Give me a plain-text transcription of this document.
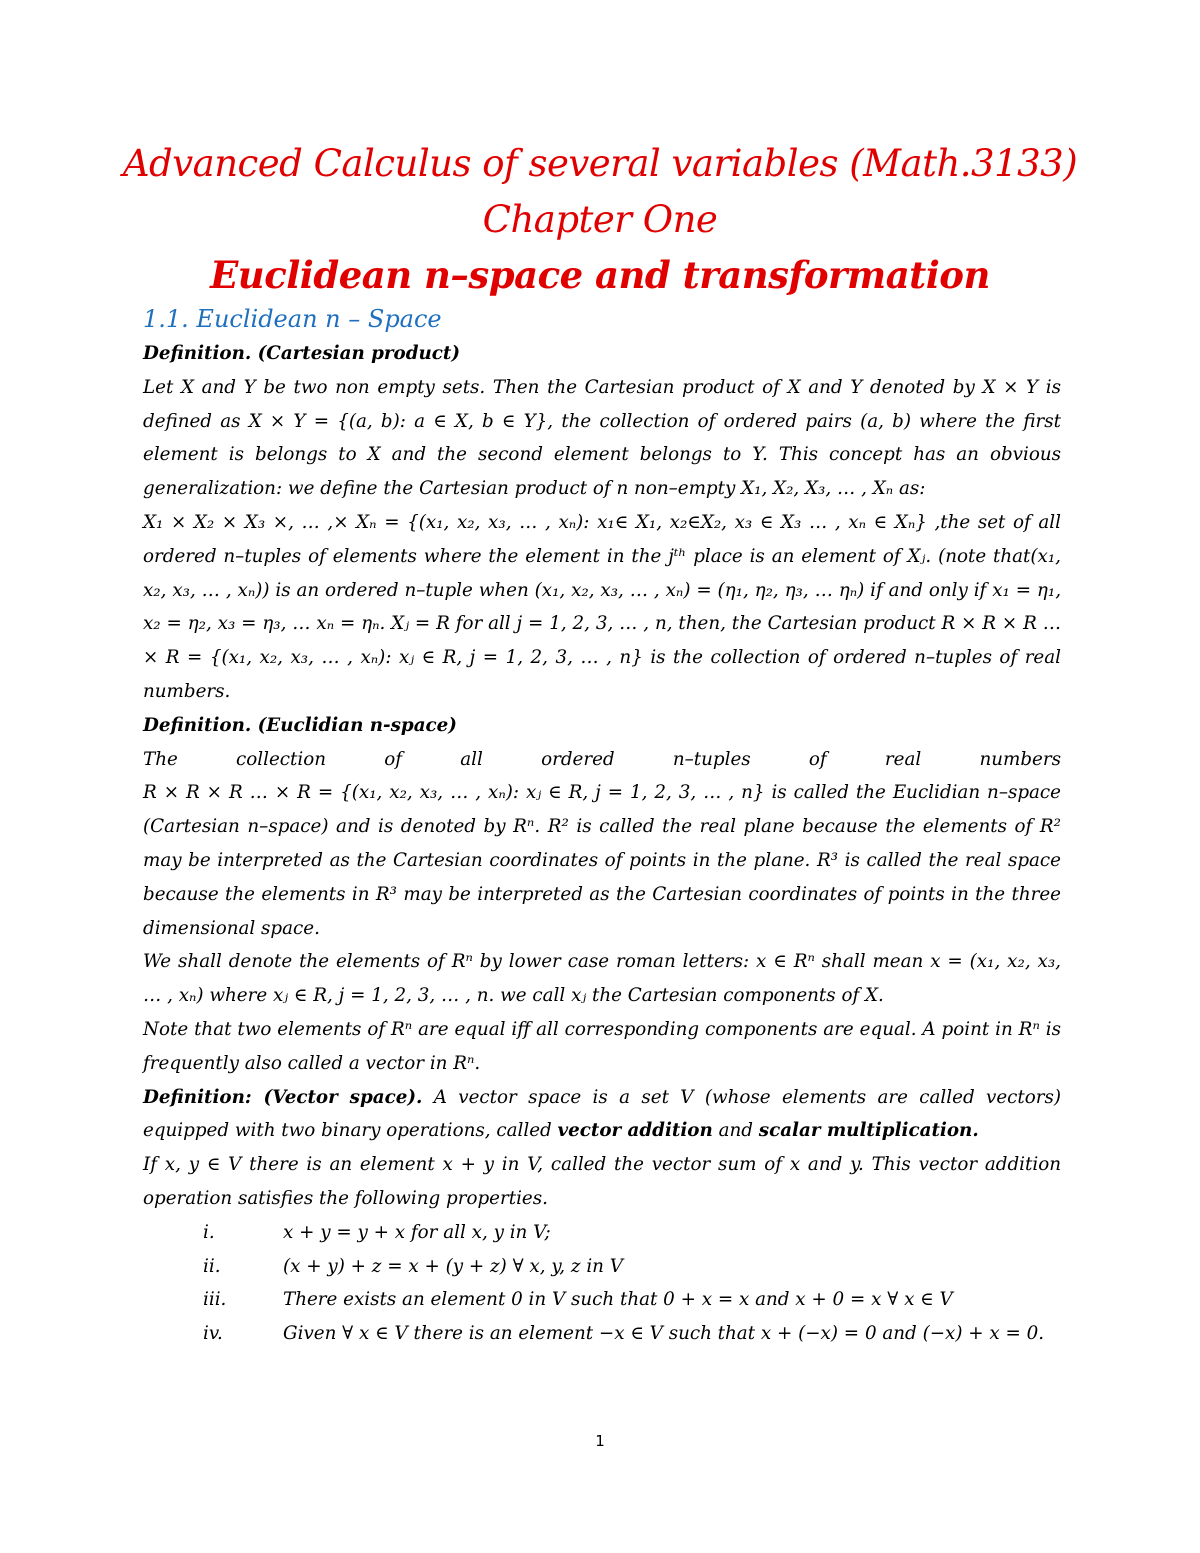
Advanced Calculus of several variables (Math.3133)
Chapter One
Euclidean n–space and transformation
1.1. Euclidean n – Space

Definition. (Cartesian product)

Let X and Y be two non empty sets. Then the Cartesian product of X and Y denoted by X × Y is defined as X × Y = {(a, b): a ∈ X, b ∈ Y}, the collection of ordered pairs (a, b) where the first element is belongs to X and the second element belongs to Y. This concept has an obvious generalization: we define the Cartesian product of n non–empty X₁, X₂, X₃, … , Xₙ as:

X₁ × X₂ × X₃ ×, … ,× Xₙ = {(x₁, x₂, x₃, … , xₙ): x₁∈ X₁, x₂∈X₂, x₃ ∈ X₃ … , xₙ ∈ Xₙ} ,the set of all ordered n–tuples of elements where the element in the jᵗʰ place is an element of Xⱼ. (note that(x₁, x₂, x₃, … , xₙ)) is an ordered n–tuple when (x₁, x₂, x₃, … , xₙ) = (η₁, η₂, η₃, … ηₙ) if and only if x₁ = η₁, x₂ = η₂, x₃ = η₃, … xₙ = ηₙ. Xⱼ = R for all j = 1, 2, 3, … , n, then, the Cartesian product R × R × R … × R = {(x₁, x₂, x₃, … , xₙ): xⱼ ∈ R, j = 1, 2, 3, … , n} is the collection of ordered n–tuples of real numbers.

Definition. (Euclidian n-space)

The collection of all ordered n–tuples of real numbers

R × R × R … × R = {(x₁, x₂, x₃, … , xₙ): xⱼ ∈ R, j = 1, 2, 3, … , n} is called the Euclidian n–space (Cartesian n–space) and is denoted by Rⁿ. R² is called the real plane because the elements of R² may be interpreted as the Cartesian coordinates of points in the plane. R³ is called the real space because the elements in R³ may be interpreted as the Cartesian coordinates of points in the three dimensional space.

We shall denote the elements of Rⁿ by lower case roman letters: x ∈ Rⁿ shall mean x = (x₁, x₂, x₃, … , xₙ) where xⱼ ∈ R, j = 1, 2, 3, … , n. we call xⱼ the Cartesian components of X.

Note that two elements of Rⁿ are equal iff all corresponding components are equal. A point in Rⁿ is frequently also called a vector in Rⁿ.

Definition: (Vector space). A vector space is a set V (whose elements are called vectors) equipped with two binary operations, called vector addition and scalar multiplication.

If x, y ∈ V there is an element x + y in V, called the vector sum of x and y. This vector addition operation satisfies the following properties.

i.	x + y = y + x for all x, y in V;
ii.	(x + y) + z = x + (y + z) ∀ x, y, z in V
iii.	There exists an element 0 in V such that 0 + x = x and x + 0 = x ∀ x ∈ V
iv.	Given ∀ x ∈ V there is an element −x ∈ V such that x + (−x) = 0 and (−x) + x = 0.
1
